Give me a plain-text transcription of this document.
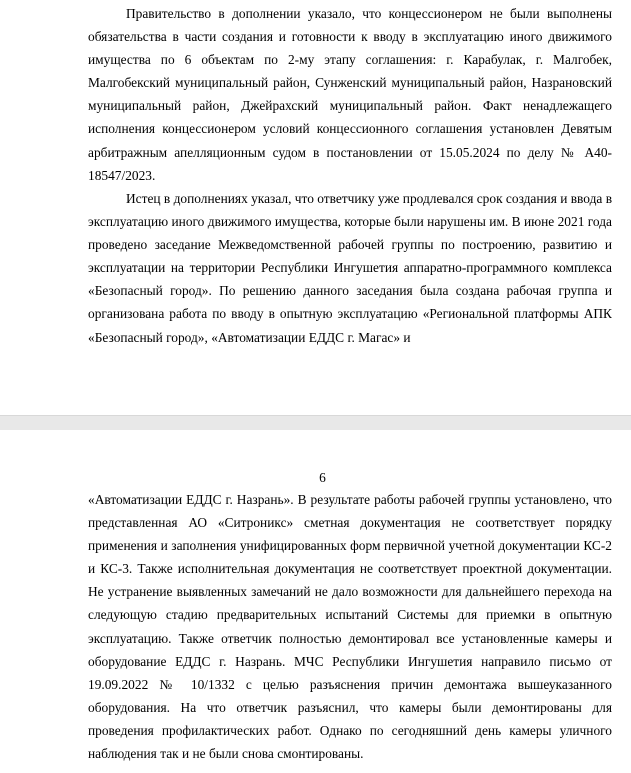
Правительство в дополнении указало, что концессионером не были выполнены обязательства в части создания и готовности к вводу в эксплуатацию иного движимого имущества по 6 объектам по 2-му этапу соглашения: г. Карабулак, г. Малгобек, Малгобекский муниципальный район, Сунженский муниципальный район, Назрановский муниципальный район, Джейрахский муниципальный район. Факт ненадлежащего исполнения концессионером условий концессионного соглашения установлен Девятым арбитражным апелляционным судом в постановлении от 15.05.2024 по делу № А40-18547/2023.

Истец в дополнениях указал, что ответчику уже продлевался срок создания и ввода в эксплуатацию иного движимого имущества, которые были нарушены им. В июне 2021 года проведено заседание Межведомственной рабочей группы по построению, развитию и эксплуатации на территории Республики Ингушетия аппаратно-программного комплекса «Безопасный город». По решению данного заседания была создана рабочая группа и организована работа по вводу в опытную эксплуатацию «Региональной платформы АПК «Безопасный город», «Автоматизации ЕДДС г. Магас» и

6

«Автоматизации ЕДДС г. Назрань». В результате работы рабочей группы установлено, что представленная АО «Ситроникс» сметная документация не соответствует порядку применения и заполнения унифицированных форм первичной учетной документации КС-2 и КС-3. Также исполнительная документация не соответствует проектной документации. Не устранение выявленных замечаний не дало возможности для дальнейшего перехода на следующую стадию предварительных испытаний Системы для приемки в опытную эксплуатацию. Также ответчик полностью демонтировал все установленные камеры и оборудование ЕДДС г. Назрань. МЧС Республики Ингушетия направило письмо от 19.09.2022 № 10/1332 с целью разъяснения причин демонтажа вышеуказанного оборудования. На что ответчик разъяснил, что камеры были демонтированы для проведения профилактических работ. Однако по сегодняшний день камеры уличного наблюдения так и не были снова смонтированы.
